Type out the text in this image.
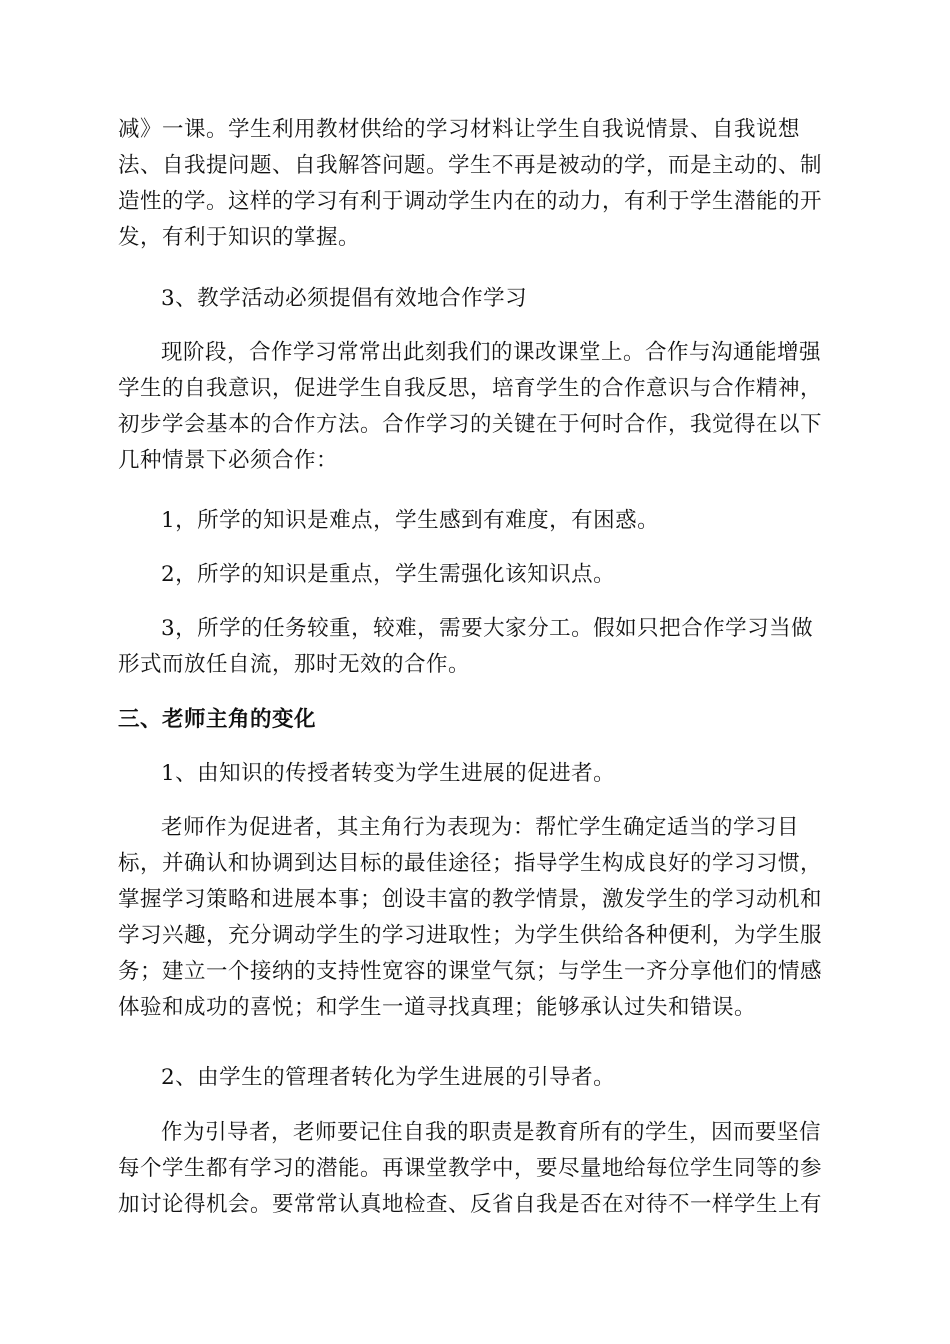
减》一课。学生利用教材供给的学习材料让学生自我说情景、自我说想法、自我提问题、自我解答问题。学生不再是被动的学，而是主动的、制造性的学。这样的学习有利于调动学生内在的动力，有利于学生潜能的开发，有利于知识的掌握。

3、教学活动必须提倡有效地合作学习

现阶段，合作学习常常出此刻我们的课改课堂上。合作与沟通能增强学生的自我意识，促进学生自我反思，培育学生的合作意识与合作精神，初步学会基本的合作方法。合作学习的关键在于何时合作，我觉得在以下几种情景下必须合作：

1，所学的知识是难点，学生感到有难度，有困惑。

2，所学的知识是重点，学生需强化该知识点。

3，所学的任务较重，较难，需要大家分工。假如只把合作学习当做形式而放任自流，那时无效的合作。

三、老师主角的变化

1、由知识的传授者转变为学生进展的促进者。

老师作为促进者，其主角行为表现为：帮忙学生确定适当的学习目标，并确认和协调到达目标的最佳途径；指导学生构成良好的学习习惯，掌握学习策略和进展本事；创设丰富的教学情景，激发学生的学习动机和学习兴趣，充分调动学生的学习进取性；为学生供给各种便利，为学生服务；建立一个接纳的支持性宽容的课堂气氛；与学生一齐分享他们的情感体验和成功的喜悦；和学生一道寻找真理；能够承认过失和错误。

2、由学生的管理者转化为学生进展的引导者。

作为引导者，老师要记住自我的职责是教育所有的学生，因而要坚信每个学生都有学习的潜能。再课堂教学中，要尽量地给每位学生同等的参加讨论得机会。要常常认真地检查、反省自我是否在对待不一样学生上有
